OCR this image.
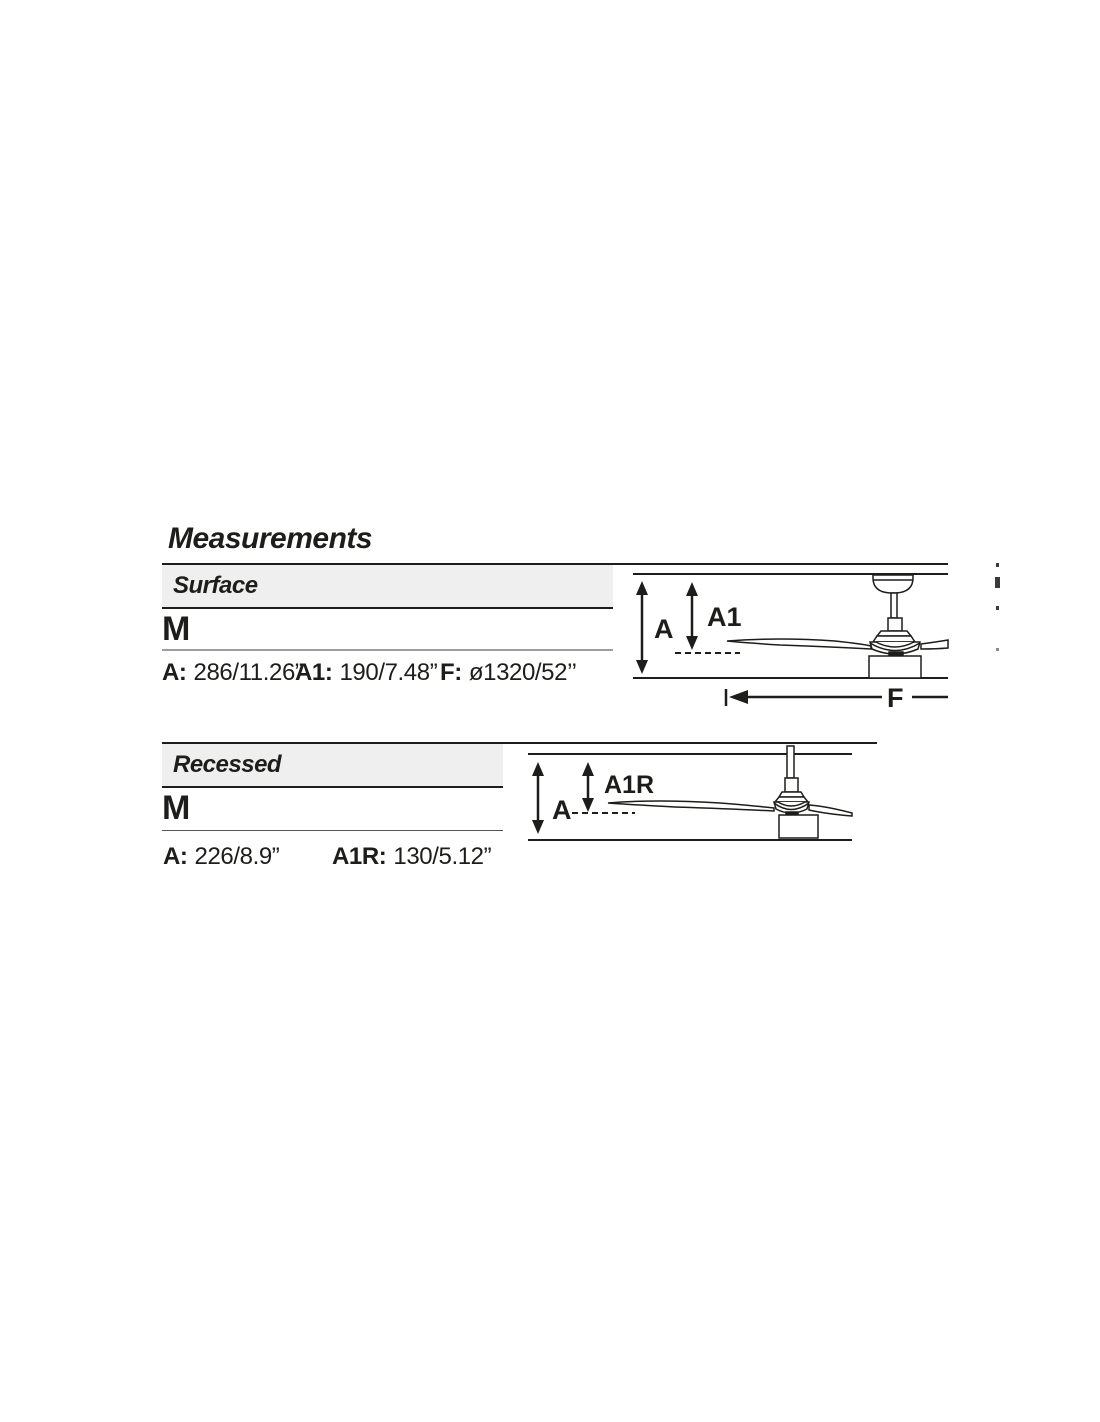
Measurements
Surface
M
A: 286/11.26”
A1: 190/7.48” F: ø1320/52’’
A A1
F
Recessed
M
A: 226/8.9” A1R: 130/5.12”
A
A1R
